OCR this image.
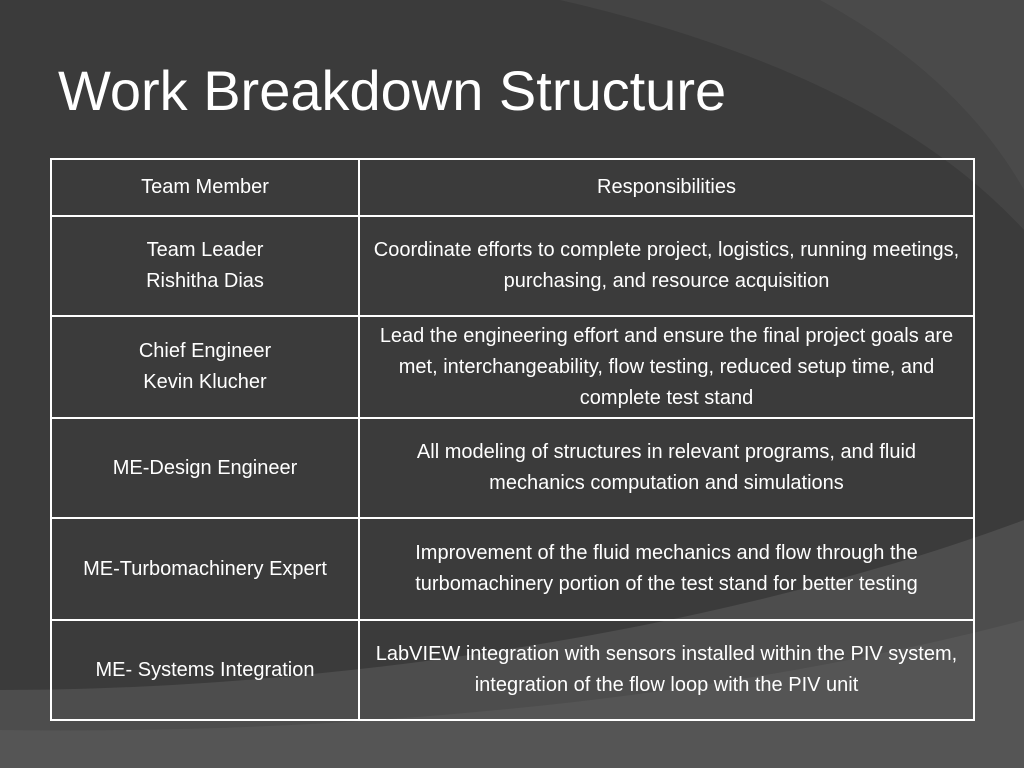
Work Breakdown Structure
Team Member	Responsibilities

Team Leader
Rishitha Dias	Coordinate efforts to complete project, logistics, running meetings, purchasing, and resource acquisition

Chief Engineer
Kevin Klucher	Lead the engineering effort and ensure the final project goals are met, interchangeability, flow testing, reduced setup time, and complete test stand

ME-Design Engineer	All modeling of structures in relevant programs, and fluid mechanics computation and simulations

ME-Turbomachinery Expert	Improvement of the fluid mechanics and flow through the turbomachinery portion of the test stand for better testing

ME- Systems Integration	LabVIEW integration with sensors installed within the PIV system, integration of the flow loop with the PIV unit
